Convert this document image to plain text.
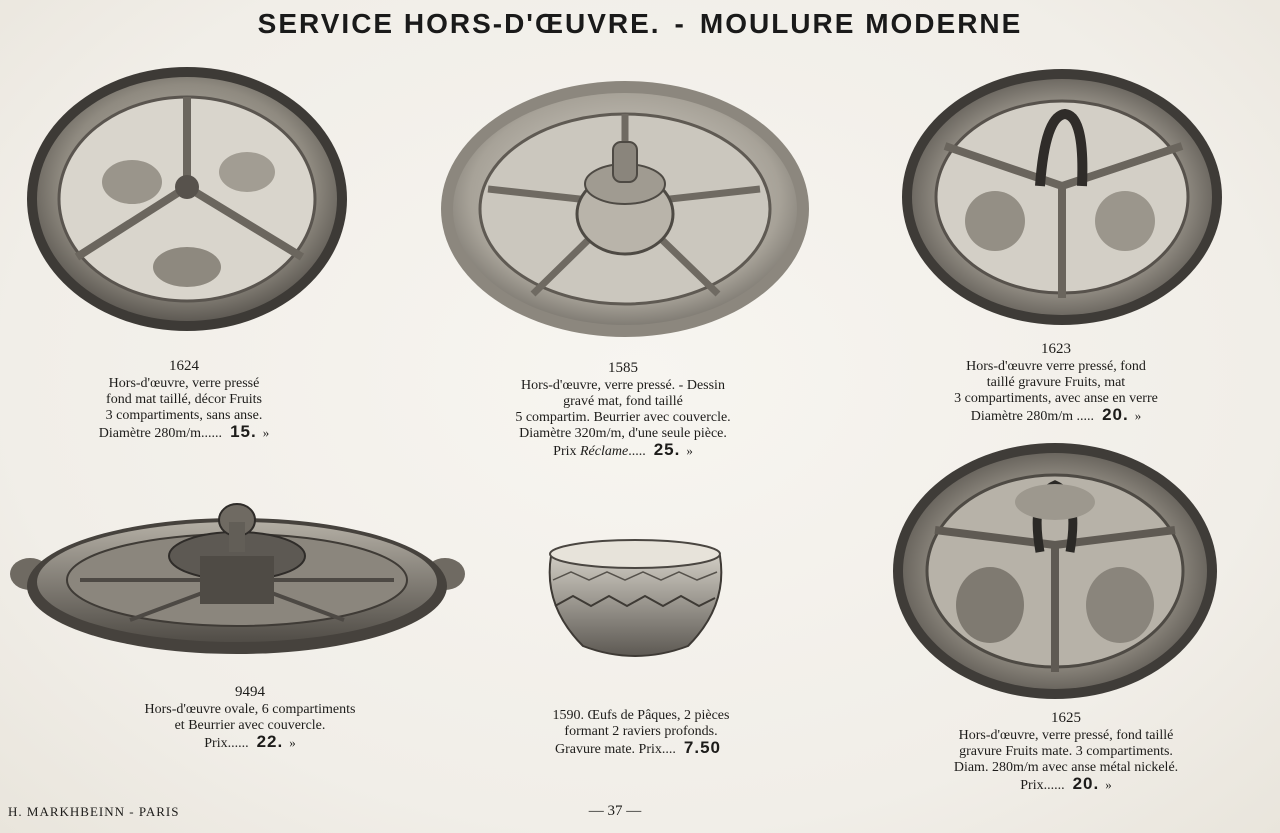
SERVICE HORS-D'ŒUVRE. - MOULURE MODERNE
1624
Hors-d'œuvre, verre pressé
fond mat taillé, décor Fruits
3 compartiments, sans anse.
Diamètre 280m/m...... 15. »
1585
Hors-d'œuvre, verre pressé. - Dessin
gravé mat, fond taillé
5 compartim. Beurrier avec couvercle.
Diamètre 320m/m, d'une seule pièce.
Prix Réclame..... 25. »
1623
Hors-d'œuvre verre pressé, fond
taillé gravure Fruits, mat
3 compartiments, avec anse en verre
Diamètre 280m/m ..... 20. »
9494
Hors-d'œuvre ovale, 6 compartiments
et Beurrier avec couvercle.
Prix...... 22. »
1590. Œufs de Pâques, 2 pièces
formant 2 raviers profonds.
Gravure mate. Prix.... 7.50
1625
Hors-d'œuvre, verre pressé, fond taillé
gravure Fruits mate. 3 compartiments.
Diam. 280m/m avec anse métal nickelé.
Prix...... 20. »
H. MARKHBEINN - PARIS	— 37 —
